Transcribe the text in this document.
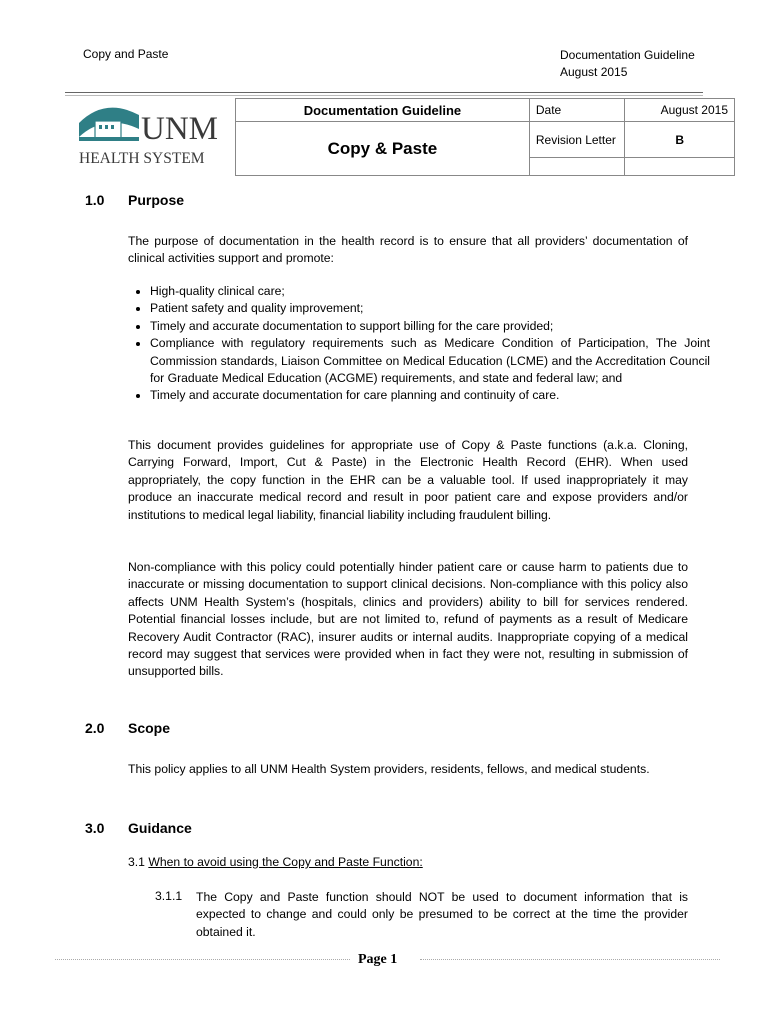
Copy and Paste	Documentation Guideline
August 2015
UNM
HEALTH SYSTEM	Documentation Guideline	Date	August 2015
	Copy & Paste	Revision Letter	B

1.0 Purpose
The purpose of documentation in the health record is to ensure that all providers’ documentation of clinical activities support and promote:
• High-quality clinical care;
• Patient safety and quality improvement;
• Timely and accurate documentation to support billing for the care provided;
• Compliance with regulatory requirements such as Medicare Condition of Participation, The Joint Commission standards, Liaison Committee on Medical Education (LCME) and the Accreditation Council for Graduate Medical Education (ACGME) requirements, and state and federal law; and
• Timely and accurate documentation for care planning and continuity of care.
This document provides guidelines for appropriate use of Copy & Paste functions (a.k.a. Cloning, Carrying Forward, Import, Cut & Paste) in the Electronic Health Record (EHR). When used appropriately, the copy function in the EHR can be a valuable tool. If used inappropriately it may produce an inaccurate medical record and result in poor patient care and expose providers and/or institutions to medical legal liability, financial liability including fraudulent billing.
Non-compliance with this policy could potentially hinder patient care or cause harm to patients due to inaccurate or missing documentation to support clinical decisions. Non-compliance with this policy also affects UNM Health System’s (hospitals, clinics and providers) ability to bill for services rendered. Potential financial losses include, but are not limited to, refund of payments as a result of Medicare Recovery Audit Contractor (RAC), insurer audits or internal audits. Inappropriate copying of a medical record may suggest that services were provided when in fact they were not, resulting in submission of unsupported bills.
2.0 Scope
This policy applies to all UNM Health System providers, residents, fellows, and medical students.
3.0 Guidance
3.1 When to avoid using the Copy and Paste Function:
3.1.1 The Copy and Paste function should NOT be used to document information that is expected to change and could only be presumed to be correct at the time the provider obtained it.
Page 1
